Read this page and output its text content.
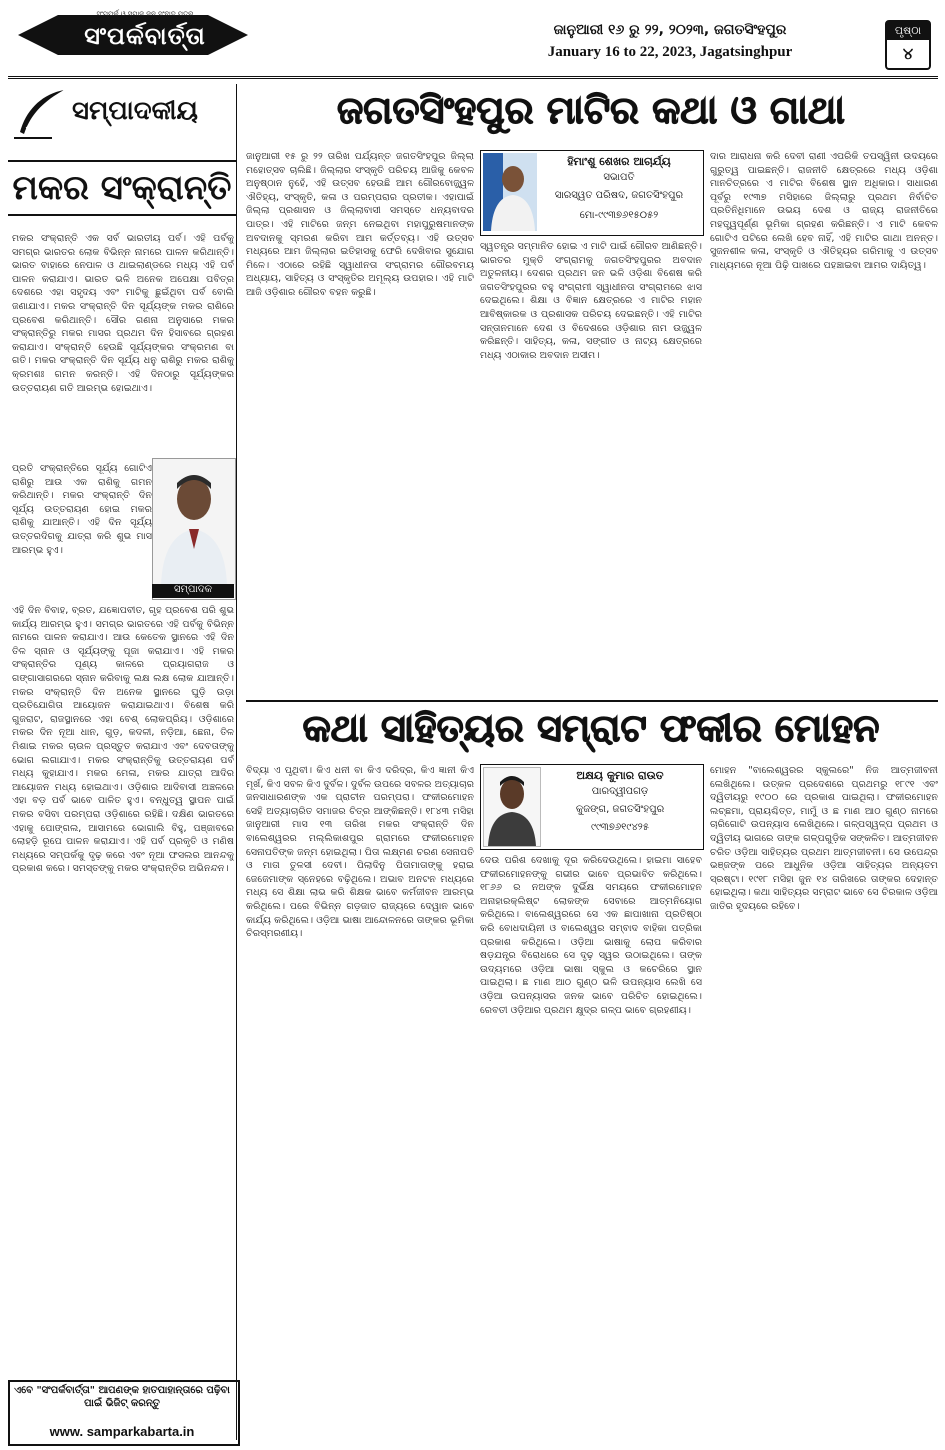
ସଂମ୍ପର୍କ ଓ ସମାଜ ଜନ ସଂବାଦ ପତ୍ର
ସଂପର୍କବାର୍ତ୍ତା	ଜାନୁଆରୀ ୧୬ ରୁ ୨୨, ୨୦୨୩, ଜଗତସିଂହପୁର
January 16 to 22, 2023, Jagatsinghpur
ପୃଷ୍ଠା
୪
ସମ୍ପାଦକୀୟ
ମକର ସଂକ୍ରାନ୍ତି
ମକର ସଂକ୍ରାନ୍ତି ଏକ ସର୍ବ ଭାରତୀୟ ପର୍ବ। ଏହି ପର୍ବକୁ ସମଗ୍ର ଭାରତର ଲୋକ ବିଭିନ୍ନ ନାମରେ ପାଳନ କରିଥାନ୍ତି। ଭାରତ ବାହାରେ ନେପାଳ ଓ ଥାଇଲାଣ୍ଡରେ ମଧ୍ୟ ଏହି ପର୍ବ ପାଳନ କରାଯାଏ। ଭାରତ ଭଳି ଅନେକ ଅପେକ୍ଷା ପବିତ୍ର ଦେଶରେ ଏହା ସହୃଦୟ ଏବଂ ମାଟିକୁ ଛୁଇଁଥିବା ପର୍ବ ବୋଲି ଜଣାଯାଏ। ମକର ସଂକ୍ରାନ୍ତି ଦିନ ସୂର୍ଯ୍ୟଙ୍କ ମକର ରାଶିରେ ପ୍ରବେଶ କରିଥାନ୍ତି। ସୌର ଗଣନା ଅନୁସାରେ ମକର ସଂକ୍ରାନ୍ତିରୁ ମକର ମାସର ପ୍ରଥମ ଦିନ ହିସାବରେ ଗ୍ରହଣ କରାଯାଏ। ସଂକ୍ରାନ୍ତି ହେଉଛି ସୂର୍ଯ୍ୟଙ୍କର ସଂକ୍ରମଣ ବା ଗତି। ମକର ସଂକ୍ରାନ୍ତି ଦିନ ସୂର୍ଯ୍ୟ ଧନୁ ରାଶିରୁ ମକର ରାଶିକୁ କ୍ରମଶଃ ଗମନ କରନ୍ତି। ଏହି ଦିନଠାରୁ ସୂର୍ଯ୍ୟଙ୍କର ଉତ୍ତରାୟଣ ଗତି ଆରମ୍ଭ ହୋଇଥାଏ।
ପ୍ରତି ସଂକ୍ରାନ୍ତିରେ ସୂର୍ଯ୍ୟ ଗୋଟିଏ ରାଶିରୁ ଆଉ ଏକ ରାଶିକୁ ଗମନ କରିଥାନ୍ତି। ମକର ସଂକ୍ରାନ୍ତି ଦିନ ସୂର୍ଯ୍ୟ ଉତ୍ତରାୟଣ ହୋଇ ମକର ରାଶିକୁ ଯାଆନ୍ତି। ଏହି ଦିନ ସୂର୍ଯ୍ୟ ଉତ୍ତରଦିଗକୁ ଯାତ୍ରା କରି ଶୁଭ ମାସ ଆରମ୍ଭ ହୁଏ।
ସମ୍ପାଦକ
ଏହି ଦିନ ବିବାହ, ବ୍ରତ, ଯଜ୍ଞୋପବୀତ, ଗୃହ ପ୍ରବେଶ ପରି ଶୁଭ କାର୍ଯ୍ୟ ଆରମ୍ଭ ହୁଏ। ସମଗ୍ର ଭାରତରେ ଏହି ପର୍ବକୁ ବିଭିନ୍ନ ନାମରେ ପାଳନ କରାଯାଏ। ଆଉ କେତେକ ସ୍ଥାନରେ ଏହି ଦିନ ତିଳ ସ୍ନାନ ଓ ସୂର୍ଯ୍ୟଙ୍କୁ ପୂଜା କରାଯାଏ। ଏହି ମକର ସଂକ୍ରାନ୍ତିର ପୂଣ୍ୟ କାଳରେ ପ୍ରୟାଗରାଜ ଓ ଗଙ୍ଗାସାଗରରେ ସ୍ନାନ କରିବାକୁ ଲକ୍ଷ ଲକ୍ଷ ଲୋକ ଯାଆନ୍ତି। ମକର ସଂକ୍ରାନ୍ତି ଦିନ ଅନେକ ସ୍ଥାନରେ ଘୁଡ଼ି ଉଡ଼ା ପ୍ରତିଯୋଗିତା ଆୟୋଜନ କରାଯାଇଥାଏ। ବିଶେଷ କରି ଗୁଜରାଟ, ରାଜସ୍ଥାନରେ ଏହା ବେଶ୍ ଲୋକପ୍ରିୟ। ଓଡ଼ିଶାରେ ମକର ଦିନ ନୂଆ ଧାନ, ଗୁଡ଼, କଦଳୀ, ନଡ଼ିଆ, ଛେନା, ତିଳ ମିଶାଇ ମକର ଚାଉଳ ପ୍ରସ୍ତୁତ କରାଯାଏ ଏବଂ ଦେବତାଙ୍କୁ ଭୋଗ ଲଗାଯାଏ। ମକର ସଂକ୍ରାନ୍ତିକୁ ଉତ୍ତରାୟଣ ପର୍ବ ମଧ୍ୟ କୁହାଯାଏ। ମକର ମେଳା, ମକର ଯାତ୍ରା ଆଦିର ଆୟୋଜନ ମଧ୍ୟ ହୋଇଥାଏ। ଓଡ଼ିଶାର ଆଦିବାସୀ ଅଞ୍ଚଳରେ ଏହା ବଡ଼ ପର୍ବ ଭାବେ ପାଳିତ ହୁଏ। ବନ୍ଧୁତ୍ୱ ସ୍ଥାପନ ପାଇଁ ମକର ବସିବା ପରମ୍ପରା ଓଡ଼ିଶାରେ ରହିଛି। ଦକ୍ଷିଣ ଭାରତରେ ଏହାକୁ ପୋଙ୍ଗଲ, ଆସାମରେ ଭୋଗାଲି ବିହୁ, ପଞ୍ଜାବରେ ଲୋହଡ଼ି ରୂପେ ପାଳନ କରାଯାଏ। ଏହି ପର୍ବ ପ୍ରକୃତି ଓ ମଣିଷ ମଧ୍ୟରେ ସମ୍ପର୍କକୁ ଦୃଢ଼ କରେ ଏବଂ ନୂଆ ଫସଲର ଆନନ୍ଦକୁ ପ୍ରକାଶ କରେ। ସମସ୍ତଙ୍କୁ ମକର ସଂକ୍ରାନ୍ତିର ଅଭିନନ୍ଦନ।
ଏବେ "ସଂପର୍କବାର୍ତ୍ତା" ଆପଣଙ୍କ ହାତପାହାନ୍ତାରେ ପଢ଼ିବା ପାଇଁ ଭିଜିଟ୍ କରନ୍ତୁ
www. samparkabarta.in
ଜଗତସିଂହପୁର ମାଟିର କଥା ଓ ଗାଥା
ଜାନୁଆରୀ ୧୫ ରୁ ୨୨ ତାରିଖ ପର୍ଯ୍ୟନ୍ତ ଜଗତସିଂହପୁର ଜିଲ୍ଲା ମହୋତ୍ସବ ଚାଲିଛି। ଜିଲ୍ଲାର ସଂସ୍କୃତି ପରିଚୟ ଆଜିକୁ କେବଳ ଅନୁଷ୍ଠାନ ନୁହେଁ, ଏହି ଉତ୍ସବ ହେଉଛି ଆମ ଗୌରବୋଜ୍ଜ୍ୱଳ ଐତିହ୍ୟ, ସଂସ୍କୃତି, କଳା ଓ ପରମ୍ପରାର ପ୍ରତୀକ। ଏହାପାଇଁ ଜିଲ୍ଲା ପ୍ରଶାସନ ଓ ଜିଲ୍ଲାବାସୀ ସମସ୍ତେ ଧନ୍ୟବାଦର ପାତ୍ର। ଏହି ମାଟିରେ ଜନ୍ମ ନେଇଥିବା ମହାପୁରୁଷମାନଙ୍କ ଅବଦାନକୁ ସ୍ମରଣ କରିବା ଆମ କର୍ତ୍ତବ୍ୟ। ଏହି ଉତ୍ସବ ମଧ୍ୟରେ ଆମ ଜିଲ୍ଲାର ଇତିହାସକୁ ଫେରି ଦେଖିବାର ସୁଯୋଗ ମିଳେ। ଏଠାରେ ରହିଛି ସ୍ୱାଧୀନତା ସଂଗ୍ରାମର ଗୌରବମୟ ଅଧ୍ୟାୟ, ସାହିତ୍ୟ ଓ ସଂସ୍କୃତିର ଅମୂଲ୍ୟ ଉପହାର। ଏହି ମାଟି ଆଜି ଓଡ଼ିଶାର ଗୌରବ ବହନ କରୁଛି।
ହିମାଂଶୁ ଶେଖର ଆଚାର୍ଯ୍ୟ
ସଭାପତି
ସାରସ୍ୱତ ପରିଷଦ, ଜଗତସିଂହପୁର
ମୋ-୯୯୩୭୬୧୫୦୫୨
ସ୍ୱତନ୍ତ୍ର ସମ୍ମାନିତ ହୋଇ ଏ ମାଟି ପାଇଁ ଗୌରବ ଆଣିଛନ୍ତି। ଭାରତର ମୁକ୍ତି ସଂଗ୍ରାମକୁ ଜଗତସିଂହପୁରର ଅବଦାନ ଅତୁଳନୀୟ। ଦେଶର ପ୍ରଥମ ଜନ ଭଳି ଓଡ଼ିଶା ବିଶେଷ କରି ଜଗତସିଂହପୁରର ବହୁ ସଂଗ୍ରାମୀ ସ୍ୱାଧୀନତା ସଂଗ୍ରାମରେ ଝାସ ଦେଇଥିଲେ। ଶିକ୍ଷା ଓ ବିଜ୍ଞାନ କ୍ଷେତ୍ରରେ ଏ ମାଟିର ମହାନ ଆବିଷ୍କାରକ ଓ ପ୍ରଶାସକ ପରିଚୟ ଦେଇଛନ୍ତି। ଏହି ମାଟିର ସନ୍ତାନମାନେ ଦେଶ ଓ ବିଦେଶରେ ଓଡ଼ିଶାର ନାମ ଉଜ୍ଜ୍ୱଳ କରିଛନ୍ତି। ସାହିତ୍ୟ, କଳା, ସଙ୍ଗୀତ ଓ ନାଟ୍ୟ କ୍ଷେତ୍ରରେ ମଧ୍ୟ ଏଠାକାର ଅବଦାନ ଅସୀମ।
ଦାର ଆରାଧନା କରି ଦେବୀ ରାଣୀ ଏପରିକି ତପସ୍ୱିନୀ ଉଦୟରେ ଗୁରୁତ୍ୱ ପାଇଛନ୍ତି। ରାଜନୀତି କ୍ଷେତ୍ରରେ ମଧ୍ୟ ଓଡ଼ିଶା ମାନଚିତ୍ରରେ ଏ ମାଟିର ବିଶେଷ ସ୍ଥାନ ଅଧିକାର। ସାଧାରଣ ପୂର୍ବରୁ ୧୯୩୭ ମସିହାରେ ଜିଲ୍ଲାରୁ ପ୍ରଥମ ନିର୍ବାଚିତ ପ୍ରତିନିଧିମାନେ ଉଭୟ ଦେଶ ଓ ରାଜ୍ୟ ରାଜନୀତିରେ ମହତ୍ତ୍ୱପୂର୍ଣ୍ଣ ଭୂମିକା ଗ୍ରହଣ କରିଛନ୍ତି। ଏ ମାଟି କେବଳ ଗୋଟିଏ ପଟିରେ ଲେଖି ହେବ ନାହିଁ, ଏହି ମାଟିର ଗାଥା ଅନନ୍ତ। ସୁଜନଶୀଳ କଳା, ସଂସ୍କୃତି ଓ ଐତିହ୍ୟର ଗରିମାକୁ ଏ ଉତ୍ସବ ମାଧ୍ୟମରେ ନୂଆ ପିଢ଼ି ପାଖରେ ପହଞ୍ଚାଇବା ଆମର ଦାୟିତ୍ୱ।
କଥା ସାହିତ୍ୟର ସମ୍ରାଟ ଫକୀର ମୋହନ
ବିଦ୍ୟା ଏ ପୃଥିବୀ। କିଏ ଧନୀ ବା କିଏ ଦରିଦ୍ର, କିଏ ଜ୍ଞାନୀ କିଏ ମୂର୍ଖ, କିଏ ସବଳ କିଏ ଦୁର୍ବଳ। ଦୁର୍ବଳ ଉପରେ ସବଳର ଅତ୍ୟାଚାର ଜନସାଧାରଣଙ୍କ ଏକ ପ୍ରାଚୀନ ପରମ୍ପରା। ଫକୀରମୋହନ ସେହି ଅତ୍ୟାଚାରିତ ସମାଜର ଚିତ୍ର ଆଙ୍କିଛନ୍ତି। ୧୮୪୩ ମସିହା ଜାନୁଆରୀ ମାସ ୧୩ ତାରିଖ ମକର ସଂକ୍ରାନ୍ତି ଦିନ ବାଲେଶ୍ୱରର ମଲ୍ଲିକାଶପୁର ଗ୍ରାମରେ ଫକୀରମୋହନ ସେନାପତିଙ୍କ ଜନ୍ମ ହୋଇଥିଲା। ପିତା ଲକ୍ଷ୍ମଣ ଚରଣ ସେନାପତି ଓ ମାତା ତୁଳସୀ ଦେବୀ। ପିଲାଦିନୁ ପିତାମାତାଙ୍କୁ ହରାଇ ଜେଜେମାଙ୍କ ସ୍ନେହରେ ବଢ଼ିଥିଲେ। ଅଭାବ ଅନଟନ ମଧ୍ୟରେ ମଧ୍ୟ ସେ ଶିକ୍ଷା ଲାଭ କରି ଶିକ୍ଷକ ଭାବେ କର୍ମଜୀବନ ଆରମ୍ଭ କରିଥିଲେ। ପରେ ବିଭିନ୍ନ ଗଡ଼ଜାତ ରାଜ୍ୟରେ ଦେୱାନ ଭାବେ କାର୍ଯ୍ୟ କରିଥିଲେ। ଓଡ଼ିଆ ଭାଷା ଆନ୍ଦୋଳନରେ ତାଙ୍କର ଭୂମିକା ଚିରସ୍ମରଣୀୟ।
ଅକ୍ଷୟ କୁମାର ରାଉତ
ପାରଦ୍ୱୀପଗଡ଼
କୁଜଙ୍ଗ, ଜଗତସିଂହପୁର
୯୯୩୭୬୧୯୪୨୫
ଦେଉ ପରିଶ ଦେଖାକୁ ଦୂର କରିଦେଉଥିଲେ। ହାଇମା ସାହେବ ଫକୀରମୋହନଙ୍କୁ ଗଭୀର ଭାବେ ପ୍ରଭାବିତ କରିଥିଲେ। ୧୮୬୬ ର ନଅଙ୍କ ଦୁର୍ଭିକ୍ଷ ସମୟରେ ଫକୀରମୋହନ ଅନାହାରକ୍ଲିଷ୍ଟ ଲୋକଙ୍କ ସେବାରେ ଆତ୍ମନିୟୋଗ କରିଥିଲେ। ବାଲେଶ୍ୱରରେ ସେ ଏକ ଛାପାଖାନା ପ୍ରତିଷ୍ଠା କରି ବୋଧଦାୟିନୀ ଓ ବାଲେଶ୍ୱର ସମ୍ବାଦ ବାହିକା ପତ୍ରିକା ପ୍ରକାଶ କରିଥିଲେ। ଓଡ଼ିଆ ଭାଷାକୁ ଲୋପ କରିବାର ଷଡ଼ଯନ୍ତ୍ର ବିରୋଧରେ ସେ ଦୃଢ଼ ସ୍ୱର ଉଠାଇଥିଲେ। ତାଙ୍କ ଉଦ୍ୟମରେ ଓଡ଼ିଆ ଭାଷା ସ୍କୁଲ ଓ କଚେରିରେ ସ୍ଥାନ ପାଇଥିଲା। ଛ ମାଣ ଆଠ ଗୁଣ୍ଠ ଭଳି ଉପନ୍ୟାସ ଲେଖି ସେ ଓଡ଼ିଆ ଉପନ୍ୟାସର ଜନକ ଭାବେ ପରିଚିତ ହୋଇଥିଲେ। ରେବତୀ ଓଡ଼ିଆର ପ୍ରଥମ କ୍ଷୁଦ୍ର ଗଳ୍ପ ଭାବେ ଗ୍ରହଣୀୟ।
ମୋହନ "ବାଲେଶ୍ୱରର ସ୍କୁଲରେ" ନିଜ ଆତ୍ମଜୀବନୀ ଲେଖିଥିଲେ। ଉତ୍କଳ ପ୍ରଦେଶରେ ପ୍ରଥମରୁ ୧୮୯୧ ଏବଂ ଦ୍ୱିତୀୟରୁ ୧୯୦୦ ରେ ପ୍ରକାଶ ପାଇଥିଲା। ଫକୀରମୋହନ ଲଚ୍ଛମା, ପ୍ରାୟଶ୍ଚିତ୍ତ, ମାମୁଁ ଓ ଛ ମାଣ ଆଠ ଗୁଣ୍ଠ ନାମରେ ଚାରିଗୋଟି ଉପନ୍ୟାସ ଲେଖିଥିଲେ। ଗଳ୍ପସ୍ୱଳ୍ପ ପ୍ରଥମ ଓ ଦ୍ୱିତୀୟ ଭାଗରେ ତାଙ୍କ ଗଳ୍ପଗୁଡ଼ିକ ସଙ୍କଳିତ। ଆତ୍ମଜୀବନ ଚରିତ ଓଡ଼ିଆ ସାହିତ୍ୟର ପ୍ରଥମ ଆତ୍ମଜୀବନୀ। ସେ ଉପେନ୍ଦ୍ର ଭଞ୍ଜଙ୍କ ପରେ ଆଧୁନିକ ଓଡ଼ିଆ ସାହିତ୍ୟର ଅନ୍ୟତମ ସ୍ରଷ୍ଟା। ୧୯୧୮ ମସିହା ଜୁନ ୧୪ ତାରିଖରେ ତାଙ୍କର ଦେହାନ୍ତ ହୋଇଥିଲା। କଥା ସାହିତ୍ୟର ସମ୍ରାଟ ଭାବେ ସେ ଚିରକାଳ ଓଡ଼ିଆ ଜାତିର ହୃଦୟରେ ରହିବେ।
